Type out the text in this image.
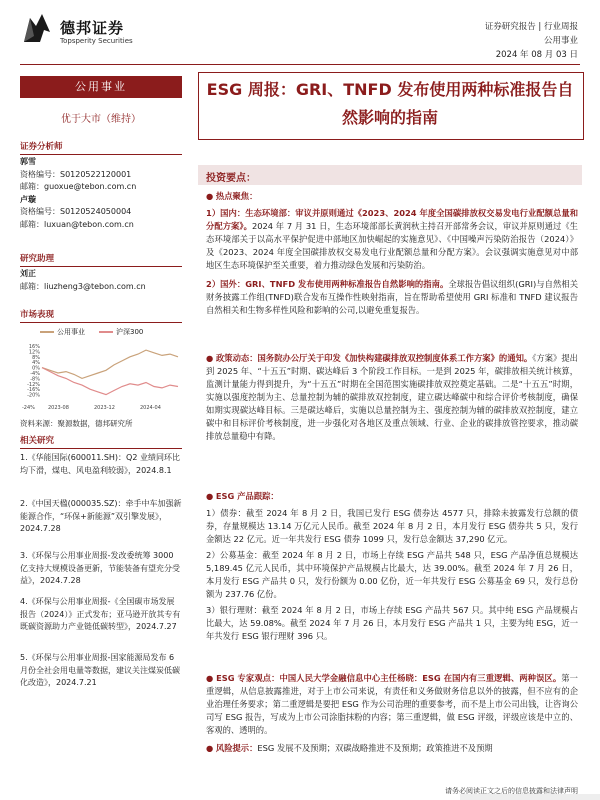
德邦证券
Topsperity Securities
证券研究报告 | 行业周报
公用事业
2024 年 08 月 03 日
公用事业
优于大市（维持）
证券分析师
郭雪
资格编号：S0120522120001
邮箱：guoxue@tebon.com.cn
卢璇
资格编号：S0120524050004
邮箱：luxuan@tebon.com.cn
研究助理
刘正
邮箱：liuzheng3@tebon.com.cn
市场表现
公用事业	沪深300
16%
12%
8%
4%
0%
-4%
-8%
-12%
-16%
-20%
-24%	2023-08	2023-12	2024-04
资料来源：聚源数据，德邦研究所
相关研究
1.《华能国际(600011.SH)：Q2 业绩同环比均下滑，煤电、风电盈利较弱》，2024.8.1
2.《中国天楹(000035.SZ)：牵手中车加强新能源合作，“环保+新能源”双引擎发展》，2024.7.28
3.《环保与公用事业周报-发改委统筹 3000 亿支持大规模设备更新，节能装备有望充分受益》，2024.7.28
4.《环保与公用事业周报-《全国碳市场发展报告（2024）》正式发布；亚马逊开放其专有既碳资源助力产业链低碳转型》，2024.7.27
5.《环保与公用事业周报-国家能源局发布 6 月份全社会用电量等数据，建议关注煤炭低碳化改造》，2024.7.21
ESG 周报：GRI、TNFD 发布使用两种标准报告自然影响的指南
投资要点：
● 热点聚焦：
1）国内：生态环境部：审议并原则通过《2023、2024 年度全国碳排放权交易发电行业配额总量和分配方案》。2024 年 7 月 31 日，生态环境部部长黄润秋主持召开部常务会议，审议并原则通过《生态环境部关于以高水平保护促进中部地区加快崛起的实施意见》、《中国噪声污染防治报告（2024）》及《2023、2024 年度全国碳排放权交易发电行业配额总量和分配方案》。会议强调实施意见对中部地区生态环境保护至关重要，着力推动绿色发展和污染防治。
2）国外：GRI、TNFD 发布使用两种标准报告自然影响的指南。全球报告倡议组织(GRI)与自然相关财务披露工作组(TNFD)联合发布互操作性映射指南，旨在帮助希望使用 GRI 标准和 TNFD 建议报告自然相关和生物多样性风险和影响的公司,以避免重复报告。
● 政策动态：国务院办公厅关于印发《加快构建碳排放双控制度体系工作方案》的通知。《方案》提出到 2025 年、“十五五”时期、碳达峰后 3 个阶段工作目标。一是到 2025 年，碳排放相关统计核算，监测计量能力得到提升，为“十五五”时期在全国范围实施碳排放双控奠定基础。二是“十五五”时期，实施以强度控制为主、总量控制为辅的碳排放双控制度，建立碳达峰碳中和综合评价考核制度，确保如期实现碳达峰目标。三是碳达峰后，实施以总量控制为主、强度控制为辅的碳排放双控制度，建立碳中和目标评价考核制度，进一步强化对各地区及重点领域、行业、企业的碳排放管控要求，推动碳排放总量稳中有降。
● ESG 产品跟踪：
1）债券：截至 2024 年 8 月 2 日，我国已发行 ESG 债券达 4577 只，排除未披露发行总额的债券，存量规模达 13.14 万亿元人民币。截至 2024 年 8 月 2 日，本月发行 ESG 债券共 5 只，发行金额达 22 亿元。近一年共发行 ESG 债券 1099 只，发行总金额达 37,290 亿元。
2）公募基金：截至 2024 年 8 月 2 日，市场上存续 ESG 产品共 548 只，ESG 产品净值总规模达 5,189.45 亿元人民币，其中环境保护产品规模占比最大，达 39.00%。截至 2024 年 7 月 26 日，本月发行 ESG 产品共 0 只，发行份额为 0.00 亿份，近一年共发行 ESG 公募基金 69 只，发行总份额为 237.76 亿份。
3）银行理财：截至 2024 年 8 月 2 日，市场上存续 ESG 产品共 567 只。其中纯 ESG 产品规模占比最大，达 59.08%。截至 2024 年 7 月 26 日，本月发行 ESG 产品共 1 只，主要为纯 ESG，近一年共发行 ESG 银行理财 396 只。
● ESG 专家观点：中国人民大学金融信息中心主任杨晓：ESG 在国内有三重逻辑、两种误区。第一重逻辑，从信息披露推进，对于上市公司来说，有责任和义务做财务信息以外的披露，但不应有的企业治理任务要求；第二重逻辑是要把 ESG 作为公司治理的重要参考，而不是上市公司出钱，让咨询公司写 ESG 报告，写成为上市公司涂脂抹粉的内容；第三重逻辑，做 ESG 评级，评级应该是中立的、客观的、透明的。
● 风险提示：ESG 发展不及预期；双碳战略推进不及预期；政策推进不及预期
请务必阅读正文之后的信息披露和法律声明
